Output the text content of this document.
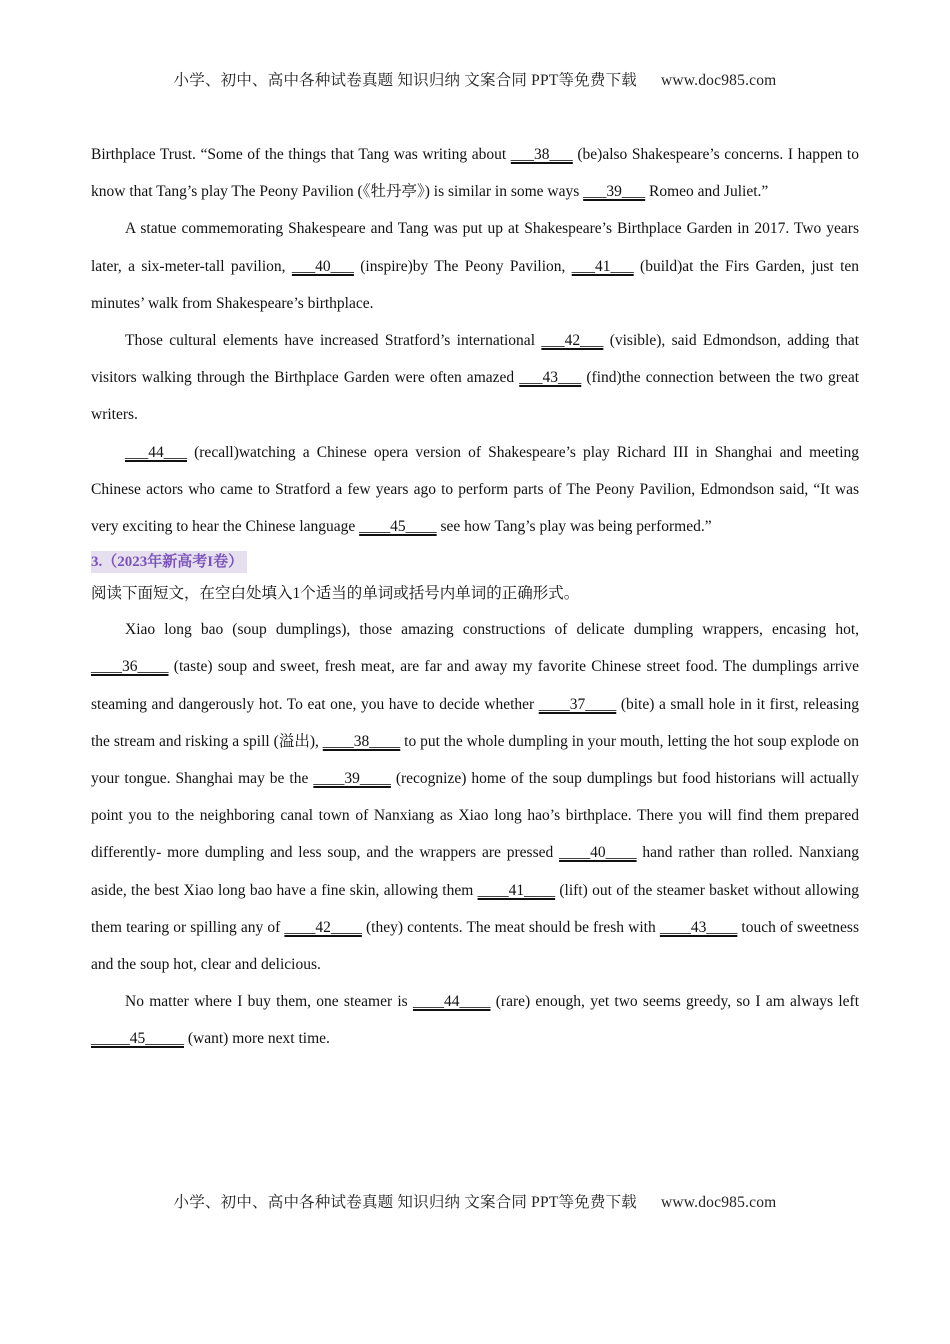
小学、初中、高中各种试卷真题 知识归纳 文案合同 PPT等免费下载 www.doc985.com

Birthplace Trust. “Some of the things that Tang was writing about ___38___ (be)also Shakespeare’s concerns. I happen to know that Tang’s play The Peony Pavilion (《牡丹亭》) is similar in some ways ___39___ Romeo and Juliet.”

A statue commemorating Shakespeare and Tang was put up at Shakespeare’s Birthplace Garden in 2017. Two years later, a six-meter-tall pavilion, ___40___ (inspire)by The Peony Pavilion, ___41___ (build)at the Firs Garden, just ten minutes’ walk from Shakespeare’s birthplace.

Those cultural elements have increased Stratford’s international ___42___ (visible), said Edmondson, adding that visitors walking through the Birthplace Garden were often amazed ___43___ (find)the connection between the two great writers.

___44___ (recall)watching a Chinese opera version of Shakespeare’s play Richard III in Shanghai and meeting Chinese actors who came to Stratford a few years ago to perform parts of The Peony Pavilion, Edmondson said, “It was very exciting to hear the Chinese language ____45____ see how Tang’s play was being performed.”

3.（2023年新高考I卷）

阅读下面短文，在空白处填入1个适当的单词或括号内单词的正确形式。

Xiao long bao (soup dumplings), those amazing constructions of delicate dumpling wrappers, encasing hot, ____36____ (taste) soup and sweet, fresh meat, are far and away my favorite Chinese street food. The dumplings arrive steaming and dangerously hot. To eat one, you have to decide whether ____37____ (bite) a small hole in it first, releasing the stream and risking a spill (溢出), ____38____ to put the whole dumpling in your mouth, letting the hot soup explode on your tongue. Shanghai may be the ____39____ (recognize) home of the soup dumplings but food historians will actually point you to the neighboring canal town of Nanxiang as Xiao long hao’s birthplace. There you will find them prepared differently- more dumpling and less soup, and the wrappers are pressed ____40____ hand rather than rolled. Nanxiang aside, the best Xiao long bao have a fine skin, allowing them ____41____ (lift) out of the steamer basket without allowing them tearing or spilling any of ____42____ (they) contents. The meat should be fresh with ____43____ touch of sweetness and the soup hot, clear and delicious.

No matter where I buy them, one steamer is ____44____ (rare) enough, yet two seems greedy, so I am always left _____45_____ (want) more next time.

小学、初中、高中各种试卷真题 知识归纳 文案合同 PPT等免费下载 www.doc985.com
